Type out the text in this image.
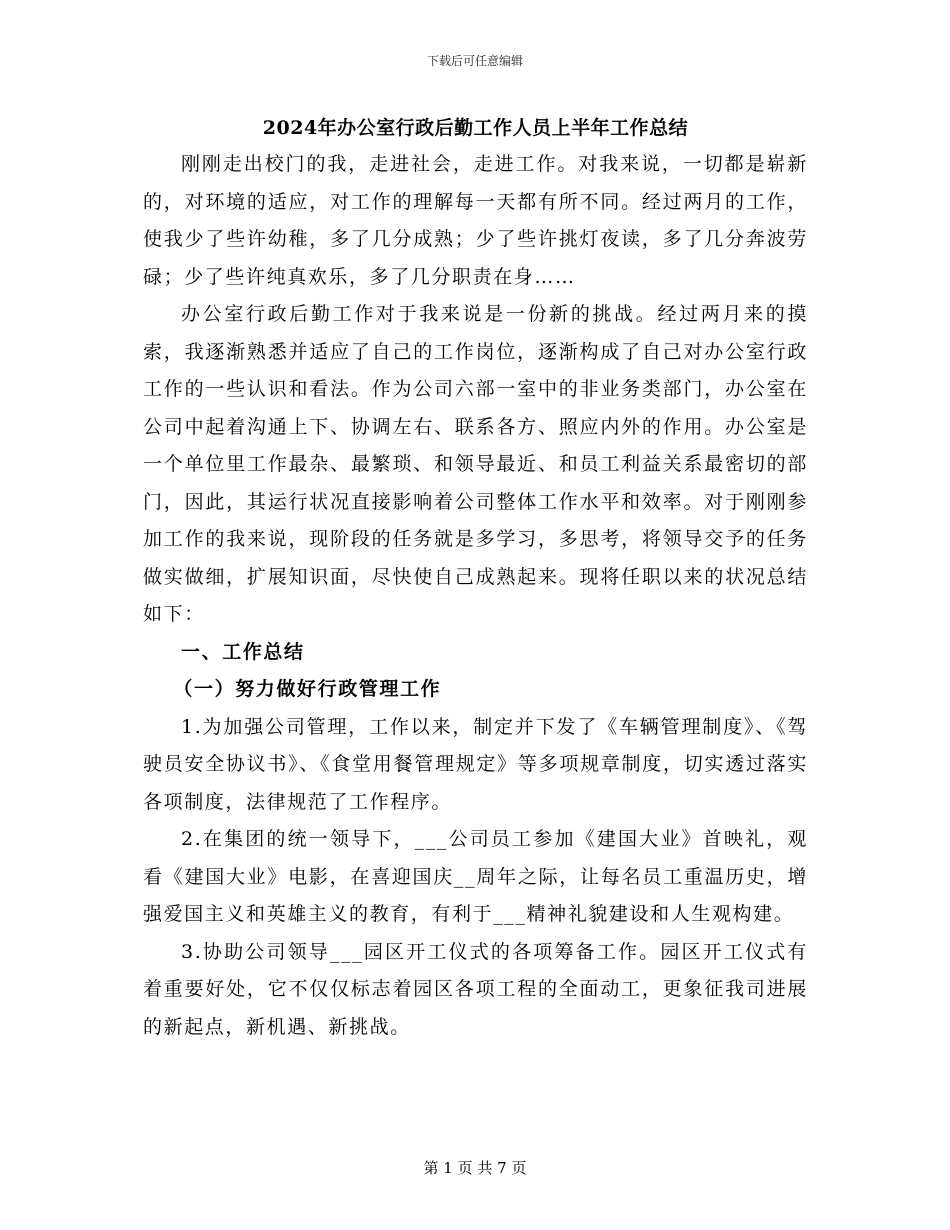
下载后可任意编辑
2024年办公室行政后勤工作人员上半年工作总结

刚刚走出校门的我，走进社会，走进工作。对我来说，一切都是崭新的，对环境的适应，对工作的理解每一天都有所不同。经过两月的工作，使我少了些许幼稚，多了几分成熟；少了些许挑灯夜读，多了几分奔波劳碌；少了些许纯真欢乐，多了几分职责在身……

办公室行政后勤工作对于我来说是一份新的挑战。经过两月来的摸索，我逐渐熟悉并适应了自己的工作岗位，逐渐构成了自己对办公室行政工作的一些认识和看法。作为公司六部一室中的非业务类部门，办公室在公司中起着沟通上下、协调左右、联系各方、照应内外的作用。办公室是一个单位里工作最杂、最繁琐、和领导最近、和员工利益关系最密切的部门，因此，其运行状况直接影响着公司整体工作水平和效率。对于刚刚参加工作的我来说，现阶段的任务就是多学习，多思考，将领导交予的任务做实做细，扩展知识面，尽快使自己成熟起来。现将任职以来的状况总结如下：

一、工作总结

（一）努力做好行政管理工作

1.为加强公司管理，工作以来，制定并下发了《车辆管理制度》、《驾驶员安全协议书》、《食堂用餐管理规定》等多项规章制度，切实透过落实各项制度，法律规范了工作程序。

2.在集团的统一领导下，___公司员工参加《建国大业》首映礼，观看《建国大业》电影，在喜迎国庆__周年之际，让每名员工重温历史，增强爱国主义和英雄主义的教育，有利于___精神礼貌建设和人生观构建。

3.协助公司领导___园区开工仪式的各项筹备工作。园区开工仪式有着重要好处，它不仅仅标志着园区各项工程的全面动工，更象征我司进展的新起点，新机遇、新挑战。

第 1 页 共 7 页
